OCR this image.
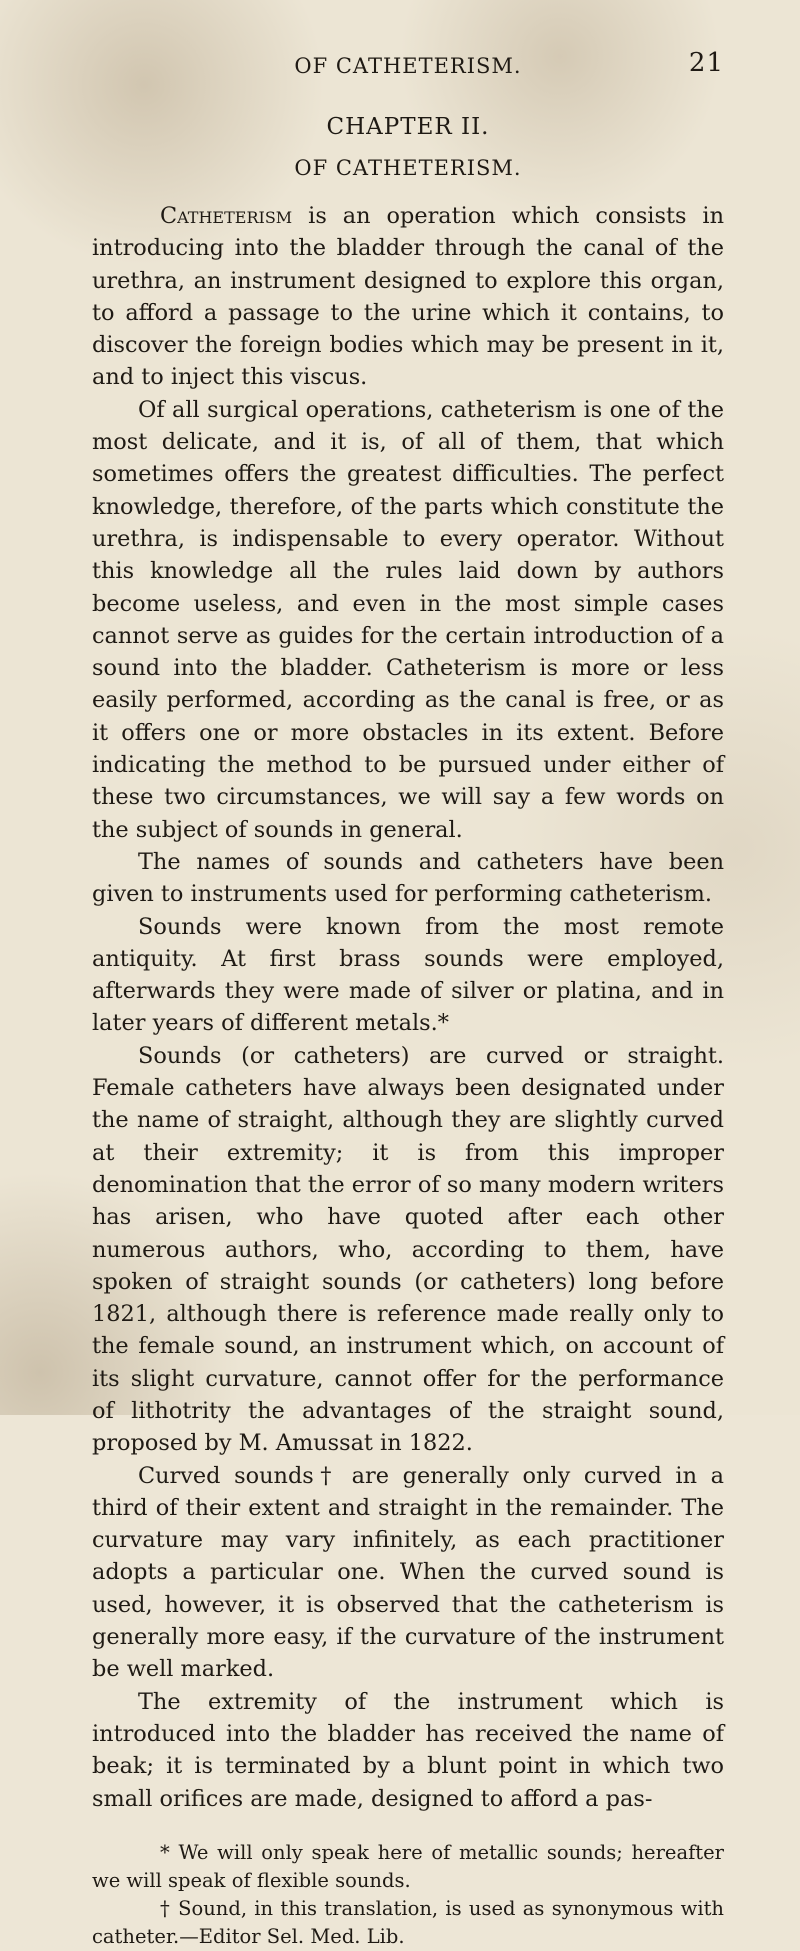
OF CATHETERISM.	21
CHAPTER II.
OF CATHETERISM.

Catheterism is an operation which consists in introducing into the bladder through the canal of the urethra, an instrument designed to explore this organ, to afford a passage to the urine which it contains, to discover the foreign bodies which may be present in it, and to inject this viscus.

Of all surgical operations, catheterism is one of the most delicate, and it is, of all of them, that which sometimes offers the greatest difficulties. The perfect knowledge, therefore, of the parts which constitute the urethra, is indispensable to every operator. Without this knowledge all the rules laid down by authors become useless, and even in the most simple cases cannot serve as guides for the certain introduction of a sound into the bladder. Catheterism is more or less easily performed, according as the canal is free, or as it offers one or more obstacles in its extent. Before indicating the method to be pursued under either of these two circumstances, we will say a few words on the subject of sounds in general.

The names of sounds and catheters have been given to instruments used for performing catheterism.

Sounds were known from the most remote antiquity. At first brass sounds were employed, afterwards they were made of silver or platina, and in later years of different metals.*

Sounds (or catheters) are curved or straight. Female catheters have always been designated under the name of straight, although they are slightly curved at their extremity; it is from this improper denomination that the error of so many modern writers has arisen, who have quoted after each other numerous authors, who, according to them, have spoken of straight sounds (or catheters) long before 1821, although there is reference made really only to the female sound, an instrument which, on account of its slight curvature, cannot offer for the performance of lithotrity the advantages of the straight sound, proposed by M. Amussat in 1822.

Curved sounds† are generally only curved in a third of their extent and straight in the remainder. The curvature may vary infinitely, as each practitioner adopts a particular one. When the curved sound is used, however, it is observed that the catheterism is generally more easy, if the curvature of the instrument be well marked.

The extremity of the instrument which is introduced into the bladder has received the name of beak; it is terminated by a blunt point in which two small orifices are made, designed to afford a pas-

* We will only speak here of metallic sounds; hereafter we will speak of flexible sounds.

† Sound, in this translation, is used as synonymous with catheter.—Editor Sel. Med. Lib.
